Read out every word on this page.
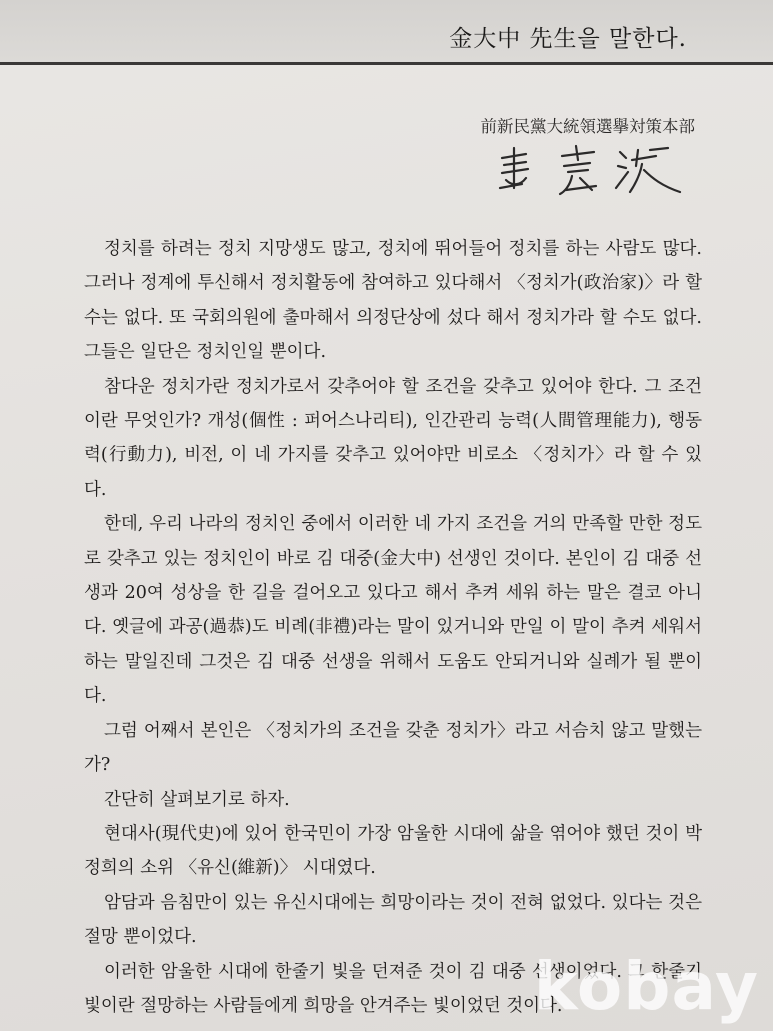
金大中 先生을 말한다.
前新民黨大統領選擧対策本部

정치를 하려는 정치 지망생도 많고, 정치에 뛰어들어 정치를 하는 사람도 많다. 그러나 정계에 투신해서 정치활동에 참여하고 있다해서 〈정치가(政治家)〉라 할 수는 없다. 또 국회의원에 출마해서 의정단상에 섰다 해서 정치가라 할 수도 없다. 그들은 일단은 정치인일 뿐이다.

참다운 정치가란 정치가로서 갖추어야 할 조건을 갖추고 있어야 한다. 그 조건이란 무엇인가? 개성(個性 : 퍼어스나리티), 인간관리 능력(人間管理能力), 행동력(行動力), 비전, 이 네 가지를 갖추고 있어야만 비로소 〈정치가〉라 할 수 있다.

한데, 우리 나라의 정치인 중에서 이러한 네 가지 조건을 거의 만족할 만한 정도로 갖추고 있는 정치인이 바로 김 대중(金大中) 선생인 것이다. 본인이 김 대중 선생과 20여 성상을 한 길을 걸어오고 있다고 해서 추켜 세워 하는 말은 결코 아니다. 옛글에 과공(過恭)도 비례(非禮)라는 말이 있거니와 만일 이 말이 추켜 세워서 하는 말일진데 그것은 김 대중 선생을 위해서 도움도 안되거니와 실례가 될 뿐이다.

그럼 어째서 본인은 〈정치가의 조건을 갖춘 정치가〉라고 서슴치 않고 말했는가?

간단히 살펴보기로 하자.

현대사(現代史)에 있어 한국민이 가장 암울한 시대에 삶을 엮어야 했던 것이 박 정희의 소위 〈유신(維新)〉 시대였다.

암담과 음침만이 있는 유신시대에는 희망이라는 것이 전혀 없었다. 있다는 것은 절망 뿐이었다.

이러한 암울한 시대에 한줄기 빛을 던져준 것이 김 대중 선생이었다. 그 한줄기 빛이란 절망하는 사람들에게 희망을 안겨주는 빛이었던 것이다.

kobay
